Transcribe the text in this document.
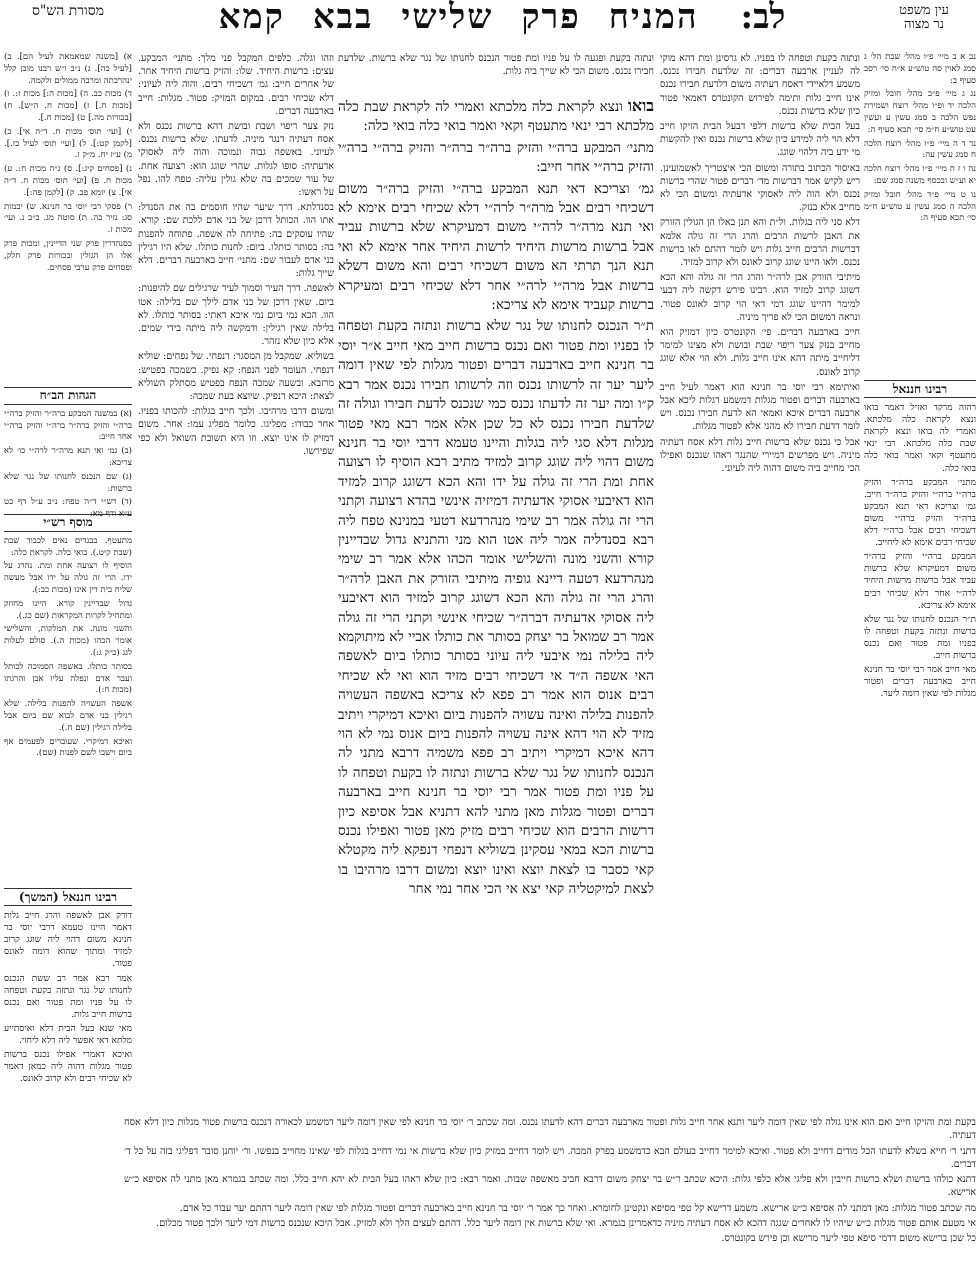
עין משפט
נר מצוה
לב:
המניחפרקשלישיבבאקמא
מסורת הש"ס

נב א ב מיי׳ פ״ו מהל׳ שבת הל׳ ג סמג לאוין סה טוש״ע א״ח סי׳ רסב סעיף ב:

נג ג מיי׳ פ״ב מהל׳ חובל ומזיק הלכה יד ופ״ו מהל׳ רוצח ושמירת נפש הלכה ב סמג עשין ע ועשין עט טוש״ע ח״מ סי׳ תכא סעיף ה:

נד ד ה מיי׳ פ״ו מהל׳ רוצח הלכה ח סמג עשין עה:

נה ו ז ח מיי׳ פ״ו מהל׳ רוצח הלכה יא וע״ש ובכסף משנה סמג שם:

נו ט מיי׳ פ״ד מהל׳ חובל ומזיק הלכה ה סמג עשין ע טוש״ע ח״מ סי׳ תכא סעיף ה:

רבינו חננאל

רהוה מרקד ואזיל דאמר בואו ונצא לקראת כלה מלכתא. ואמרי לה בואו ונצא לקראת שבת כלה מלכתא. רבי ינאי מתעטף וקאי ואמר בואי כלה בואי כלה.

מתני׳ המבקע ברה״ר והזיק ברה״י ברה״י והזיק ברה״ר חייב. גמ׳ וצריכא דאי תנא המבקע ברה״ר והזיק ברה״י משום דשכיחי רבים אבל ברה״י דלא שכיחי רבים אימא לא ליחייב.

המבקע ברה״י והזיק ברה״ר משום דמעיקרא שלא ברשות עביד אבל ברשות מרשות היחיד לרה״י אחר דלא שכיחי רבים אימא לא צריכא.

ת״ר הנכנס לחנותו של נגר שלא ברשות ונתזה בקעת וטפחה לו בפניו ומת פטור ואם נכנס ברשות חייב.

מאי חייב אמר רבי יוסי בר חנינא חייב בארבעה דברים ופטור מגלות לפי שאין דומה ליער.

ונתזה בקעת וטפחה לו בפניו. לא גרסינן ומת דהא מוקי לה לעניין ארבעה דברים: זה שלדעת חבירו נכנס. משמע דלאיידי דאסח דעתיה משום דלדעת חבירו נכנס אינו חייב גלות ותימה לפירוש הקונטרס דאמאי פטור כיון שלא ברשות נכנס.

בעל הבית שלא ברשות דלפי דבעל הבית הזיקו חייב דלא הוי ליה למידע כיון שלא ברשות נכנס ואין להקשות מי ידע ביה דלהוי שוגג.

באיסור הכתוב בתורה ומשום הכי איצטריך לאשמועינן. ריש לקיש אמר דברשות מד׳ דברים פטור שהרי ברשות נכנס ולא הוה ליה לאסוקי אדעתיה ומשום הכי לא מחייב אלא בנזק.

דלא סני ליה בגלות. ול״ת והא תנן באלו הן הגולין הזורק את האבן לרשות הרבים והרג הרי זה גולה אלמא דברשות הרבים חייב גלות ויש לומר דהתם לאו ברשות נכנס. ולאו היינו שוגג קרוב לאונס ולא קרוב למזיד.

מיתיבי הזורק אבן לרה״ר והרג הרי זה גולה והא הכא דשוגג קרוב למזיד הוא. רבינו פירש דקשה ליה דבעי למימר דהיינו שוגג דמי דאי הוי קרוב לאונס פטור. ונראה דמשום הכי לא פריך מיניה.

חייב בארבעה דברים. פי׳ הקונטרס כיון דמזיק הוא מחייב בנזק צער ריפוי שבת ובושת ולא מצינו למימר דליחייב מיתה דהא אינו חייב גלות. ולא הוי אלא שוגג קרוב לאונס.

ואיתימא רבי יוסי בר חנינא הוא דאמר לעיל חייב בארבעה דברים ופטור מגלות דמשמע דגלות ליכא אבל ארבעה דברים איכא ואמאי הא לדעת חבירו נכנס. ויש לומר דדעת חבירו לא מהני אלא לפטור מגלות.

אבל כי נכנס שלא ברשות חייב גלות דלא אסח דעתיה מיניה. ויש מפרשים דמיירי שהנגר ראהו שנכנס ואפילו הכי מחייב ביה משום דהוה ליה לעיוני.

ונתזה בקעת ופגעה לו על פניו ומת פטור הנכנס לחנותו של נגר שלא ברשות. שלדעת חבירו נכנס. משום הכי לא שייך ביה גלות.

בואו ונצא לקראת כלה מלכתא ואמרי לה לקראת שבת כלה מלכתא רבי ינאי מתעטף וקאי ואמר בואי כלה בואי כלה:

מתני׳ המבקע ברה״י והזיק ברה״ר ברה״ר והזיק ברה״י ברה״י והזיק ברה״י אחר חייב:

גמ׳ וצריכא דאי תנא המבקע ברה״י והזיק ברה״ר משום דשכיחי רבים אבל מרה״ר לרה״י דלא שכיחי רבים אימא לא ואי תנא מרה״ר לרה״י משום דמעיקרא שלא ברשות עביד אבל ברשות מרשות היחיד לרשות היחיד אחר אימא לא ואי תנא הנך תרתי הא משום דשכיחי רבים והא משום דשלא ברשות אבל מרה״י לרה״י אחר דלא שכיחי רבים ומעיקרא ברשות קעביד אימא לא צריכא:

ת״ר הנכנס לחנותו של נגר שלא ברשות ונתזה בקעת וטפחה לו בפניו ומת פטור ואם נכנס ברשות חייב מאי חייב א״ר יוסי בר חנינא חייב בארבעה דברים ופטור מגלות לפי שאין דומה ליער יער זה לרשותו נכנס וזה לרשותו חבירו נכנס אמר רבא ק״ו ומה יער זה לדעתו נכנס כמי שנכנס לדעת חבירו וגולה זה שלדעת חבירו נכנס לא כל שכן אלא אמר רבא מאי פטור מגלות דלא סגי ליה בגלות והיינו טעמא דרבי יוסי בר חנינא משום דהוי ליה שוגג קרוב למזיד מתיב רבא הוסיף לו רצועה אחת ומת הרי זה גולה על ידו והא הכא דשוגג קרוב למזיד הוא דאיבעי אסוקי אדעתיה דמיזיה אינשי בהדא רצועה וקתני הרי זה גולה אמר רב שימי מנהרדעא דטעי במנינא טפח ליה רבא בסנדליה אמר ליה אטו הוא מני והתניא גדול שבדיינין קורא והשני מונה והשלישי אומר הכהו אלא אמר רב שימי מנהרדעא דטעה דיינא גופיה מיתיבי הזורק את האבן לרה״ר והרג הרי זה גולה והא הכא דשוגג קרוב למזיד הוא דאיבעי ליה אסוקי אדעתיה דברה״ר שכיחי אינשי וקתני הרי זה גולה אמר רב שמואל בר יצחק בסותר את כותלו אביי לא מיתוקמא ליה בלילה נמי איבעי ליה עיוני בסותר כותלו ביום לאשפה האי אשפה ה״ד אי דשכיחי רבים מזיד הוא ואי לא שכיחי רבים אנוס הוא אמר רב פפא לא צריכא באשפה העשויה להפנות בלילה ואינה עשויה להפנות ביום ואיכא דמיקרי ויתיב מזיד לא הוי דהא אינה עשויה להפנות ביום אנוס נמי לא הוי דהא איכא דמיקרי ויתיב רב פפא משמיה דרבא מתני לה הנכנס לחנותו של נגר שלא ברשות ונתזה לו בקעת וטפחה לו על פניו ומת פטור אמר רבי יוסי בר חנינא חייב בארבעה דברים ופטור מגלות מאן מתני להא דתניא אבל אסיפא כיון דרשות הרבים הוא שכיחי רבים מזיק מאן פטור ואפילו נכנס ברשות הכא במאי עסקינן בשוליא דנפחי דנפקא ליה מקטלא קאי כסבר בו לצאת יוצא ואינו יוצא ומשום דרבו מרהיבו בו לצאת למיקטליה קאי יצא אי הכי אחר נמי אחר

וזהו וגלה. כלפים המקבל פני מלך: מתני׳ המבקע. עצים: ברשות היחיד. שלו: והזיק ברשות היחיד אחר. של אחרים חייב: גמ׳ דשכיחי רבים. והוה ליה לעיוני: דלא שכיחי רבים. במקום המזיק: פטור. מגלות: חייב בארבעה דברים.

נזק צער ריפוי ושבת ובושת דהא ברשות נכנס ולא אסח דעתיה דנגר מיניה. לדעתו. שלא ברשות נכנס. לעיוני. באשפה גבוה ונמוכה והוה ליה לאסוקי אדעתיה: סופו לגלות. שהרי שוגג הוא: רצועה אחת. של עור שמכים בה שלא גולין עליה: טפח להו. נפל על ראשו:

בסנדלתא. דרך שיער שהיו חוסמים בה את הסנדל: אתו הוו. הכותל דרכן של בני אדם ללכת שם: קורא. שהיו עוסקים בה: פתיחה לה אשפה. פתוחה להפנות בה: בסותר כותלו. ביום: לחנות כותלו. שלא היו רגילין בני אדם לעבור שם: מתני׳ חייב בארבעה דברים. דלא שייך גלות:

לאשפה. דרך העיר וסמוך לעיר שרגילים שם להיפנות: ביום. שאין דרכן של בני אדם לילך שם בלילה: אטו הוו. הכא נמי ביום נמי איכא דאתי: בסותר כותלו. לא בלילה שאין רגילין: ודמקשה ליה מיתה בידי שמים. אלא כיון שלא נזהר.

בשוליא. שמקבל מן המסגר: דנפחי. של נפחים: שוליא דנפחי. העומד לפני הנפח: קא נפיק. כשמכה בפטיש: מרזבא. ובשעה שמכה הנפח בפטיש מסתלק השוליא לצאת: היכא דנפיק. שיוצא בעת שמכה:

ומשום דרבו מרהיבו. ולכך חייב בגלות: להכותו בפניו. אחר כבודו: מפליגו. כלומר מפליג עמו: אחר. משום דמזיק לו אינו יוצא. וזו היא תשובת השואל ולא כפי שפירשו.

א) [משנה שמאמאת לעיל הם]. ב) [לעיל כה]. ג) נ״ב ו״ש רבנו מובן קלל ינהרבתה ומרבה ממולים ולקמה.

ד) מכות כב. ה) [מכות ה:] מכות ז:. ו) [מכות ח.] ז) [מכות ח. ה״ש]. ח) [בכורות מה.] ט) [מכות ח.].

י) [ועי׳ תוס׳ מכות ח. ד״ה אי]. כ) [לקמן קט:]. ל) [ועי׳ תוס׳ לעיל כז.]. מ) ע״ז יח. מ״ק ז.

נ) [פסחים קיג:]. ס) ג״ה מכות ח:. ע) מכות ח. פ) [ועי׳ תוס׳ מכות ח. ד״ה אי]. צ) יומא פב. ק) [לקמן פה:].

ר) פסקי רבי יוסי בר חנינא. ש) יבמות סג: נזיר כה. ת) סוטה מג. ב״ב נ. ועי׳ מכות ז.

בסנהדרין פרק שני הדיינין, ומכות פרק אלו הן הגולין ובכורות פרק חלק, ופסחים פרק ערבי פסחים.

הגהות הב״ח

(א) במשנה המבקע ברה״ר והזיק ברה״י ברה״י והזיק ברה״ר ברה״י והזיק ברה״י אחר חייב:

(ב) גמ׳ ואי תנא מרה״ר לרה״י כו׳ לא צריכא:

(ג) שם הנכנס לחנותו של נגר שלא ברשות:

(ד) רש״י ד״ה טפח: נ״ב ע״ל דף כט ע״א ודף מא:

מוסף רש״י

מתעטף. בבגדים נאים לכבוד שבת (שבת קיט.). בואי כלה. לקראת כלה:

הוסיף לו רצועה אחת ומת. נהרג על ידו. הרי זה גולה על ידו אבל מעשה שליח בית דין אינו (מכות כב:).

גדול שבדיינין קורא. היינו מחוזק ומתחיל לקרות המקראות (שם כג.).

והשני מונה. את המלקות, והשלישי אומר הכהו (מכות ה.). סולם לעלות לגג (ב״ק ג:).

בסותר כותלו. באשפה הסמוכה לכותל ועבר אדם ונפלה עליו אבן והרגתו (מכות ח:).

אשפה העשויה להפנות בלילה. שלא רגילין בני אדם לבוא שם ביום אבל בלילה רגילין (שם ח.).

ואיכא דמיקרי. שעוברים לפעמים אף ביום וישבו לשם לפנות (שם).

רבינו חננאל (המשך)

דורק אבן לאשפה והרג חייב גלות דאמר היינו טעמא דרבי יוסי בר חנינא משום דהוי ליה שוגג קרוב למזיד ומתוך שהוא דומה לאונס פטור.

אמר רבא אמר רב ששת הנכנס לחנותו של נגר ונתזה בקעת וטפחה לו על פניו ומת פטור ואם נכנס ברשות חייב גלות.

מאי שנא בעל הבית דלא ואיסתייע מלתא דאי אפשר ליה דלא ליחזי.

ואיכא דאמרי אפילו נכנס ברשות פטור מגלות דהוה ליה כמאן דאמר לא שכיחי רבים ולא קרוב לאונס.

בקעת ומת והזיקו חייב ואם הוא אינו גולה לפי שאין דומה ליער ותנא אחר חייב גלות ופטור מארבעה דברים דהא לדעתו נכנס. ומה שכתב ר׳ יוסי בר חנינא לפי שאין דומה ליער דמשמע לכאורה דנכנס ברשות פטור מגלות כיון דלא אסח דעתיה.

דתני ר׳ חייא בשלא לדעתו הכל מודים דחייב ולא פטור. ואיכא למימר דחייב בעולם הבא כדמשמע בפרק המכה. ויש לומר דחייב במזיק כיון שלא ברשות אי נמי דחייב בגלות לפי שאינו מחוייב בנפשו. ור׳ יוחנן סובר דפליגי בזה על כל ד׳ דברים.

דתנא כולהו ברשות ושלא ברשות חייבין ולא פליגי אלא כלפי גלות: היכא שכתב ר״ש בר יצחק משום דרבא חביב מאשפה שבות. ואמר רבא: כיון שלא ראהו בעל הבית לא יהא חייב כלל. ומה שכתב בגמרא מאן מתני לה אסיפא כ״ש ארישא.

מה שכתב פטור מגלות: מאן דמתני לה אסיפא כ״ש ארישא. משמע דרישא קל טפי מסיפא ונקטינן לחומרא. ואחר כך אמר ר׳ יוסי בר חנינא חייב בארבעה דברים ופטור מגלות לפי שאין דומה ליער דהתם יער עבור כל אדם.

אי מטעם אותם פטור מגלות כ״ש שיהיו לו לאחרים שגגה דהכא לא אסח דעתיה מיניה כדאמרינן בגמרא. ואי שלא ברשות אין דומה ליער כלל. דהתם לעצים הלך ולא למזיק. אבל היכא שנכנס ברשות דמי ליער ולכך פטור מכלום.

כל שכן ברישא משום דדמי סיפא טפי ליער מרישא וכן פירש בקונטרס.
